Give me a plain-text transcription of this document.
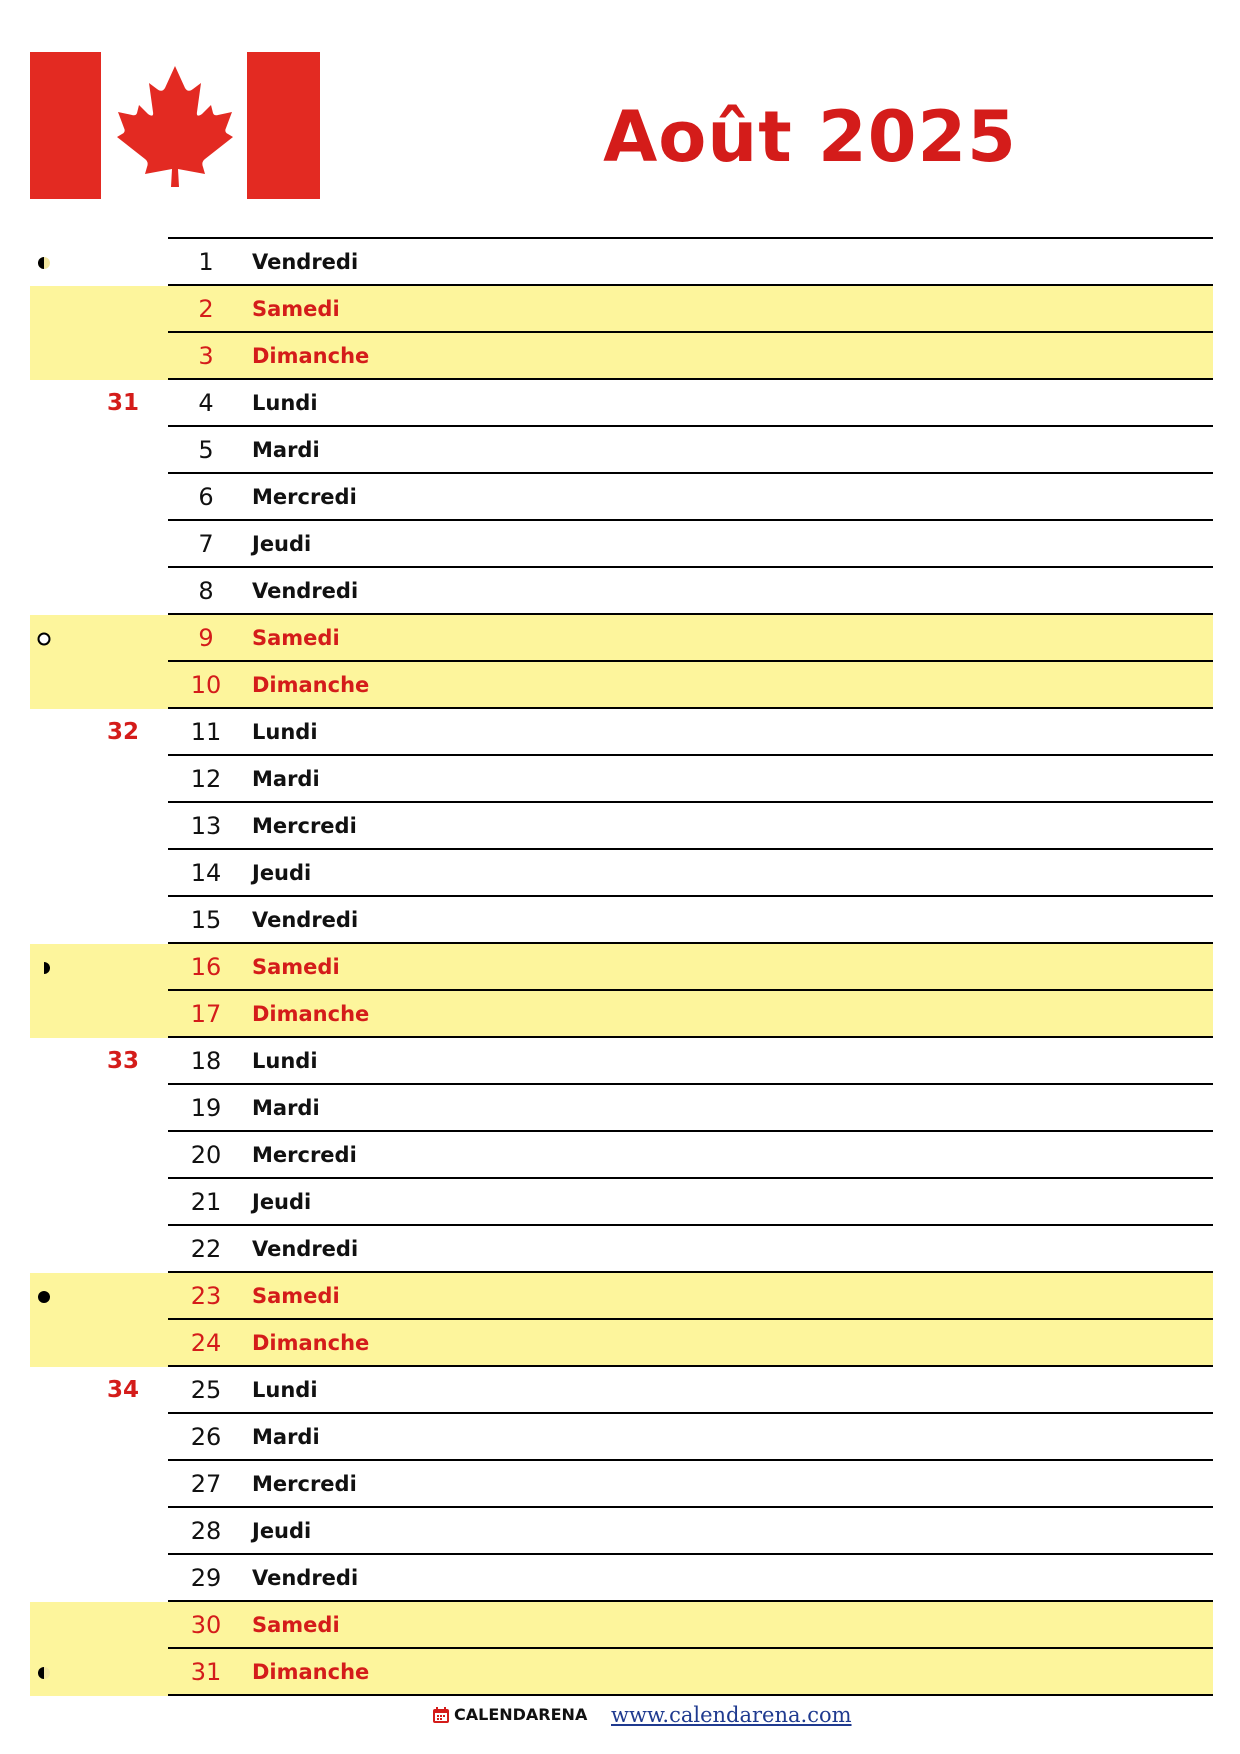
Août 2025
1	Vendredi
2	Samedi
3	Dimanche
31	4	Lundi
5	Mardi
6	Mercredi
7	Jeudi
8	Vendredi
9	Samedi
10	Dimanche
32	11	Lundi
12	Mardi
13	Mercredi
14	Jeudi
15	Vendredi
16	Samedi
17	Dimanche
33	18	Lundi
19	Mardi
20	Mercredi
21	Jeudi
22	Vendredi
23	Samedi
24	Dimanche
34	25	Lundi
26	Mardi
27	Mercredi
28	Jeudi
29	Vendredi
30	Samedi
31	Dimanche
CALENDARENA www.calendarena.com
